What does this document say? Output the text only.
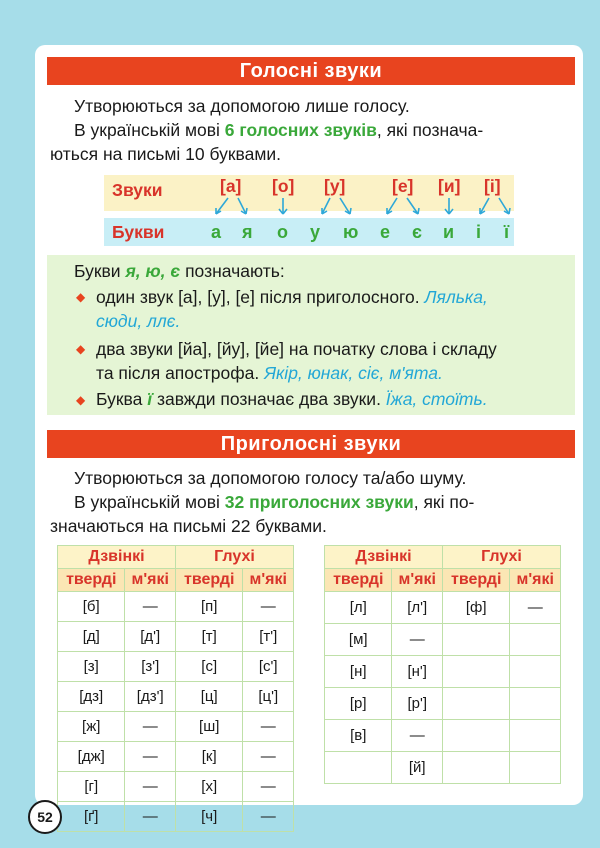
Голосні звуки
Утворюються за допомогою лише голосу.
В українській мові 6 голосних звуків, які познача-
ються на письмі 10 буквами.
Звуки
Букви
[а] [о] [у]	[е] [и] [і]
а я о у ю е є и і ї
Букви я, ю, є позначають:
◆ один звук [а], [у], [е] після приголосного. Лялька,
сюди, ллє.
◆ два звуки [йа], [йу], [йе] на початку слова і складу
та після апострофа. Якір, юнак, сіє, м'ята.
◆ Буква ї завжди позначає два звуки. Їжа, стоїть.
Приголосні звуки
Утворюються за допомогою голосу та/або шуму.
В українській мові 32 приголосних звуки, які по-
значаються на письмі 22 буквами.
Дзвінкі		Глухі	
тверді	м'які	тверді	м'які
[б]	—	[п]	—
[д]	[д']	[т]	[т']
[з]	[з']	[с]	[с']
[дз]	[дз']	[ц]	[ц']
[ж]	—	[ш]	—
[дж]	—	[к]	—
[г]	—	[х]	—
[ґ]	—	[ч]	—
Дзвінкі		Глухі	
тверді	м'які	тверді	м'які
[л]	[л']	[ф]	—
[м]	—		
[н]	[н']		
[р]	[р']		
[в]	—		
	[й]		
52
